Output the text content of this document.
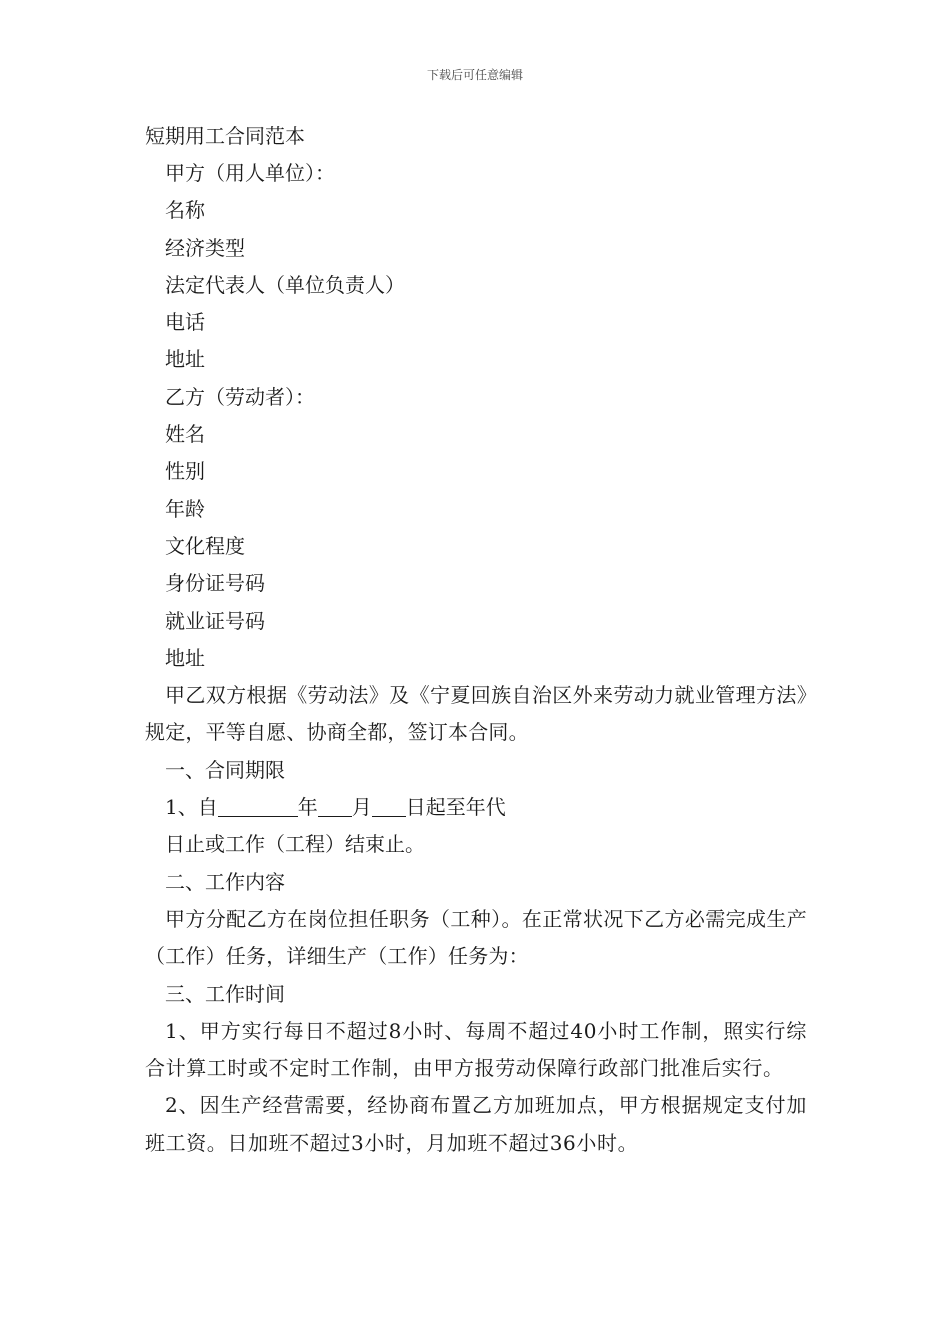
下载后可任意编辑

短期用工合同范本

甲方（用人单位）：

名称

经济类型

法定代表人（单位负责人）

电话

地址

乙方（劳动者）：

姓名

性别

年龄

文化程度

身份证号码

就业证号码

地址

甲乙双方根据《劳动法》及《宁夏回族自治区外来劳动力就业管理方法》规定，平等自愿、协商全都，签订本合同。

一、合同期限

1、自	年 月 日起至年代

日止或工作（工程）结束止。

二、工作内容

甲方分配乙方在岗位担任职务（工种）。在正常状况下乙方必需完成生产（工作）任务，详细生产（工作）任务为：

三、工作时间

1、甲方实行每日不超过8小时、每周不超过40小时工作制，照实行综合计算工时或不定时工作制，由甲方报劳动保障行政部门批准后实行。

2、因生产经营需要，经协商布置乙方加班加点，甲方根据规定支付加班工资。日加班不超过3小时，月加班不超过36小时。
